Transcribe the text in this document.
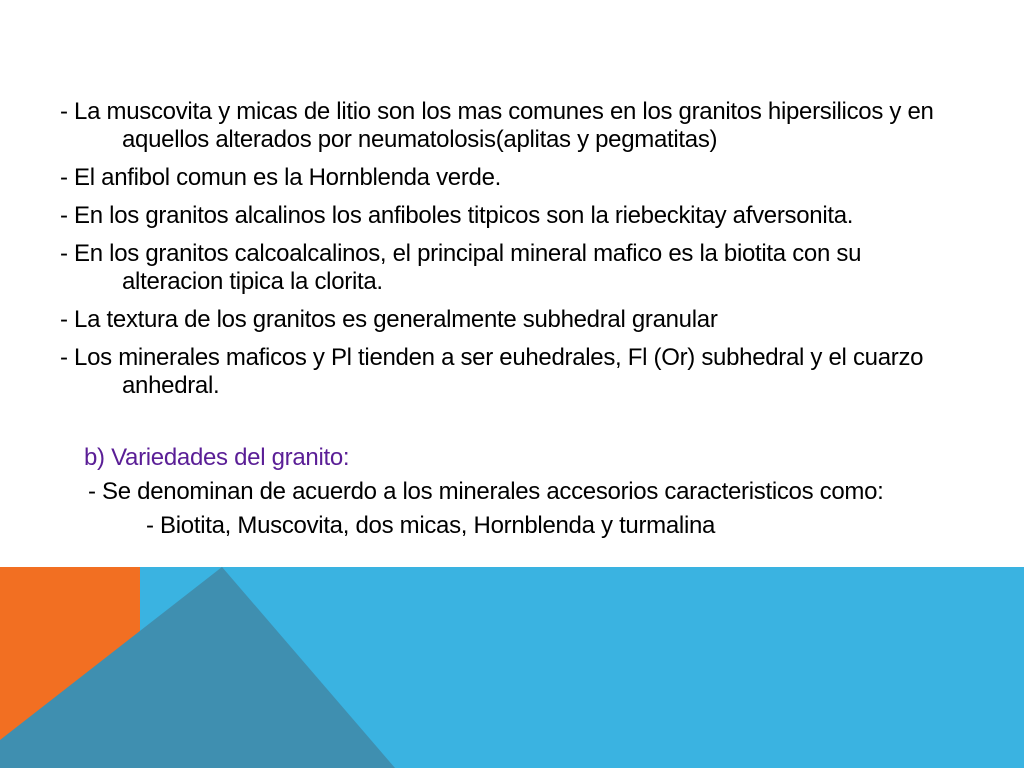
- La muscovita y micas de litio son los mas comunes en los granitos hipersilicos y en aquellos alterados por neumatolosis(aplitas y pegmatitas)

- El anfibol comun es la Hornblenda verde.

- En los granitos alcalinos los anfiboles titpicos son la riebeckitay afversonita.

- En los granitos calcoalcalinos, el principal mineral mafico es la biotita con su alteracion tipica la clorita.

- La textura de los granitos es generalmente subhedral granular

- Los minerales maficos y Pl tienden a ser euhedrales, Fl (Or) subhedral y el cuarzo anhedral.

b) Variedades del granito:

- Se denominan de acuerdo a los minerales accesorios caracteristicos como:

- Biotita, Muscovita, dos micas, Hornblenda y turmalina
